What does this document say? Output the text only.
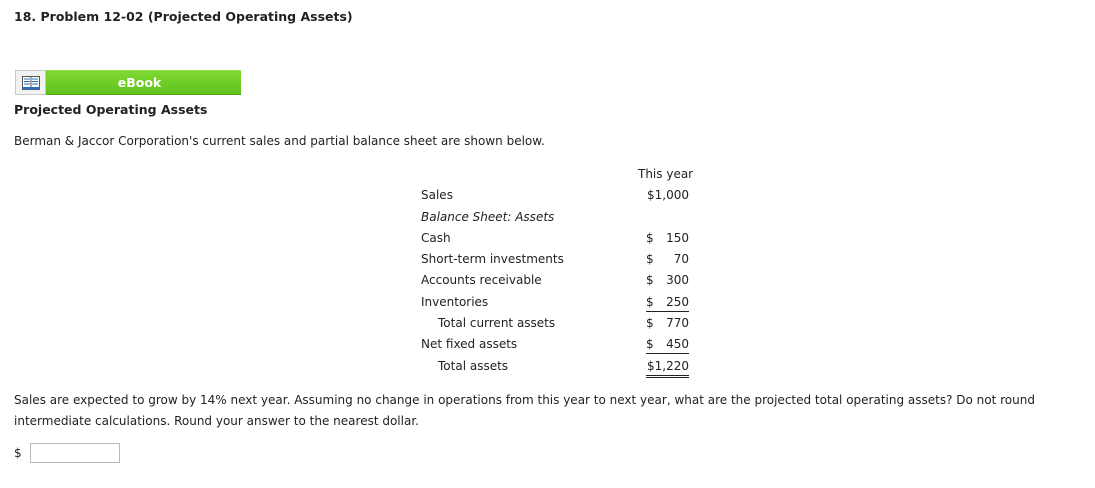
18. Problem 12-02 (Projected Operating Assets)
eBook
Projected Operating Assets
Berman & Jaccor Corporation's current sales and partial balance sheet are shown below.
This year
Sales	$1,000
Balance Sheet: Assets
Cash	$ 150
Short-term investments	$ 70
Accounts receivable	$ 300
Inventories	$ 250
Total current assets	$ 770
Net fixed assets	$ 450
Total assets	$1,220
Sales are expected to grow by 14% next year. Assuming no change in operations from this year to next year, what are the projected total operating assets? Do not round intermediate calculations. Round your answer to the nearest dollar.
$
